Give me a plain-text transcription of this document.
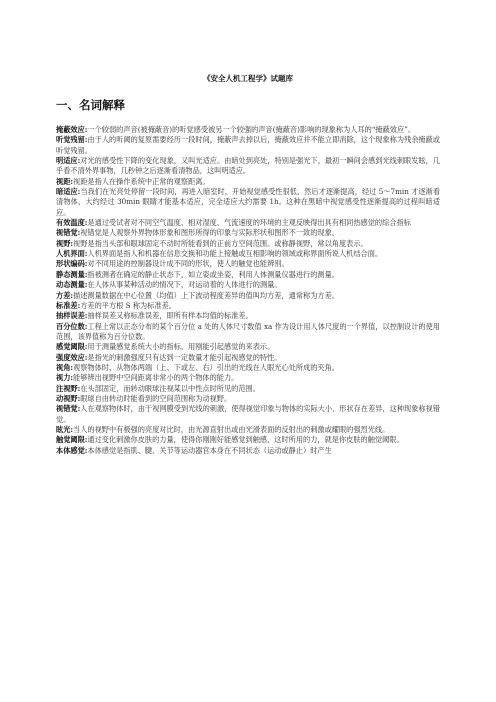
《安全人机工程学》试题库
一、名词解释

掩蔽效应:一个较弱的声音(被掩蔽音)的听觉感受被另一个较强的声音(掩蔽音)影响的现象称为人耳的“掩蔽效应”。

听觉残留:由于人的听阈的复原需要经历一段时间，掩蔽声去掉以后，掩蔽效应并不能立即消除，这个现象称为残余掩蔽或听觉残留。

明适应:对光的感受性下降的变化现象，又叫光适应。由暗处到亮处，特别是强光下，最初一瞬间会感到光线刺眼发眩，几乎看不清外界事物，几秒钟之后逐渐看清物品，这叫明适应。

视距:视距是指人在操作系统中正常的观察距离。

暗适应:当我们在光亮处停留一段时间，再进入暗室时，开始视觉感受性很低，然后才逐渐提高，经过 5～7min 才逐渐看清物体，大约经过 30min 眼睛才能基本适应，完全适应大约需要 1h。这种在黑暗中视觉感受性逐渐提高的过程叫暗适应。

有效温度:是通过受试者对不同空气温度、相对湿度、气流速度的环境的主观反映得出具有相同热感觉的综合指标

视错觉:视错觉是人观察外界物体形象和图形所得的印象与实际形状和图形不一致的现象。

视野:视野是指当头部和眼球固定不动时所能看到的正前方空间范围。或称静视野，常以角度表示。

人机界面:人机界面是指人和机器在信息交换和功能上接触或互相影响的领域或称界面所说人机结合面。

形状编码:对不同用途的控制器设计成不同的形状，使人的触觉也能辨别。

静态测量:指被测者在确定的静止状态下，如立姿或坐姿，利用人体测量仪器进行的测量。

动态测量:在人体从事某种活动的情况下，对运动着的人体进行的测量。

方差:描述测量数据在中心位置（均值）上下波动程度差异的值叫均方差，通常称为方差。

标准差:方差的平方根 S 称为标准差。

抽样误差:抽样误差又称标准误差，即所有样本均值的标准差。

百分位数:工程上常以正态分布的某个百分位 a 处的人体尺寸数值 xa 作为设计用人体尺度的一个界值，以控制设计的使用范围，该界值称为百分位数。

感觉阈限:用于测量感觉系统大小的指标，用刚能引起感觉的来表示。

强度效应:是指光的刺激强度只有达到一定数量才能引起视感觉的特性。

视角:观察物体时，从物体两端（上、下或左、右）引出的光线在人眼光心处所成的夹角。

视力:能够辨出视野中空间距离非常小的两个物体的能力。

注视野:在头部固定，而转动眼球注视某以中性点时所见的范围。

动视野:眼球自由转动时能看到的空间范围称为动视野。

视错觉:人在观察物体时，由于视网膜受到光线的刺激，使得视觉印象与物体的实际大小、形状存在差异，这种现象称视错觉。

眩光:当人的视野中有极强的亮度对比时，由光源直射出或由光滑表面的反射出的刺激或耀眼的强烈光线。

触觉阈限:通过变化刺激你皮肤的力量，使得你刚刚好能感觉到触感，这时所用的力，就是你皮肤的触觉阈限。

本体感觉:本体感觉是指肌、腱、关节等运动器官本身在不同状态（运动或静止）时产生
